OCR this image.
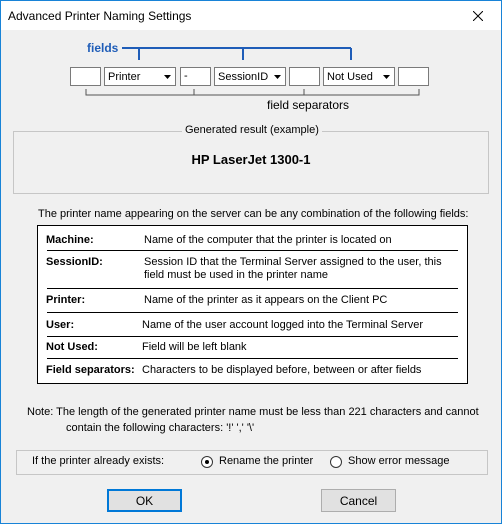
Advanced Printer Naming Settings
fields
Printer	-	SessionID	Not Used
field separators
Generated result (example)
HP LaserJet 1300-1
The printer name appearing on the server can be any combination of the following fields:
Machine:	Name of the computer that the printer is located on
SessionID:	Session ID that the Terminal Server assigned to the user, this field must be used in the printer name
Printer:	Name of the printer as it appears on the Client PC
User:	Name of the user account logged into the Terminal Server
Not Used:	Field will be left blank
Field separators: Characters to be displayed before, between or after fields
Note: The length of the generated printer name must be less than 221 characters and cannot
contain the following characters: '!' ',' '\'
If the printer already exists:	Rename the printer	Show error message
OK	Cancel
